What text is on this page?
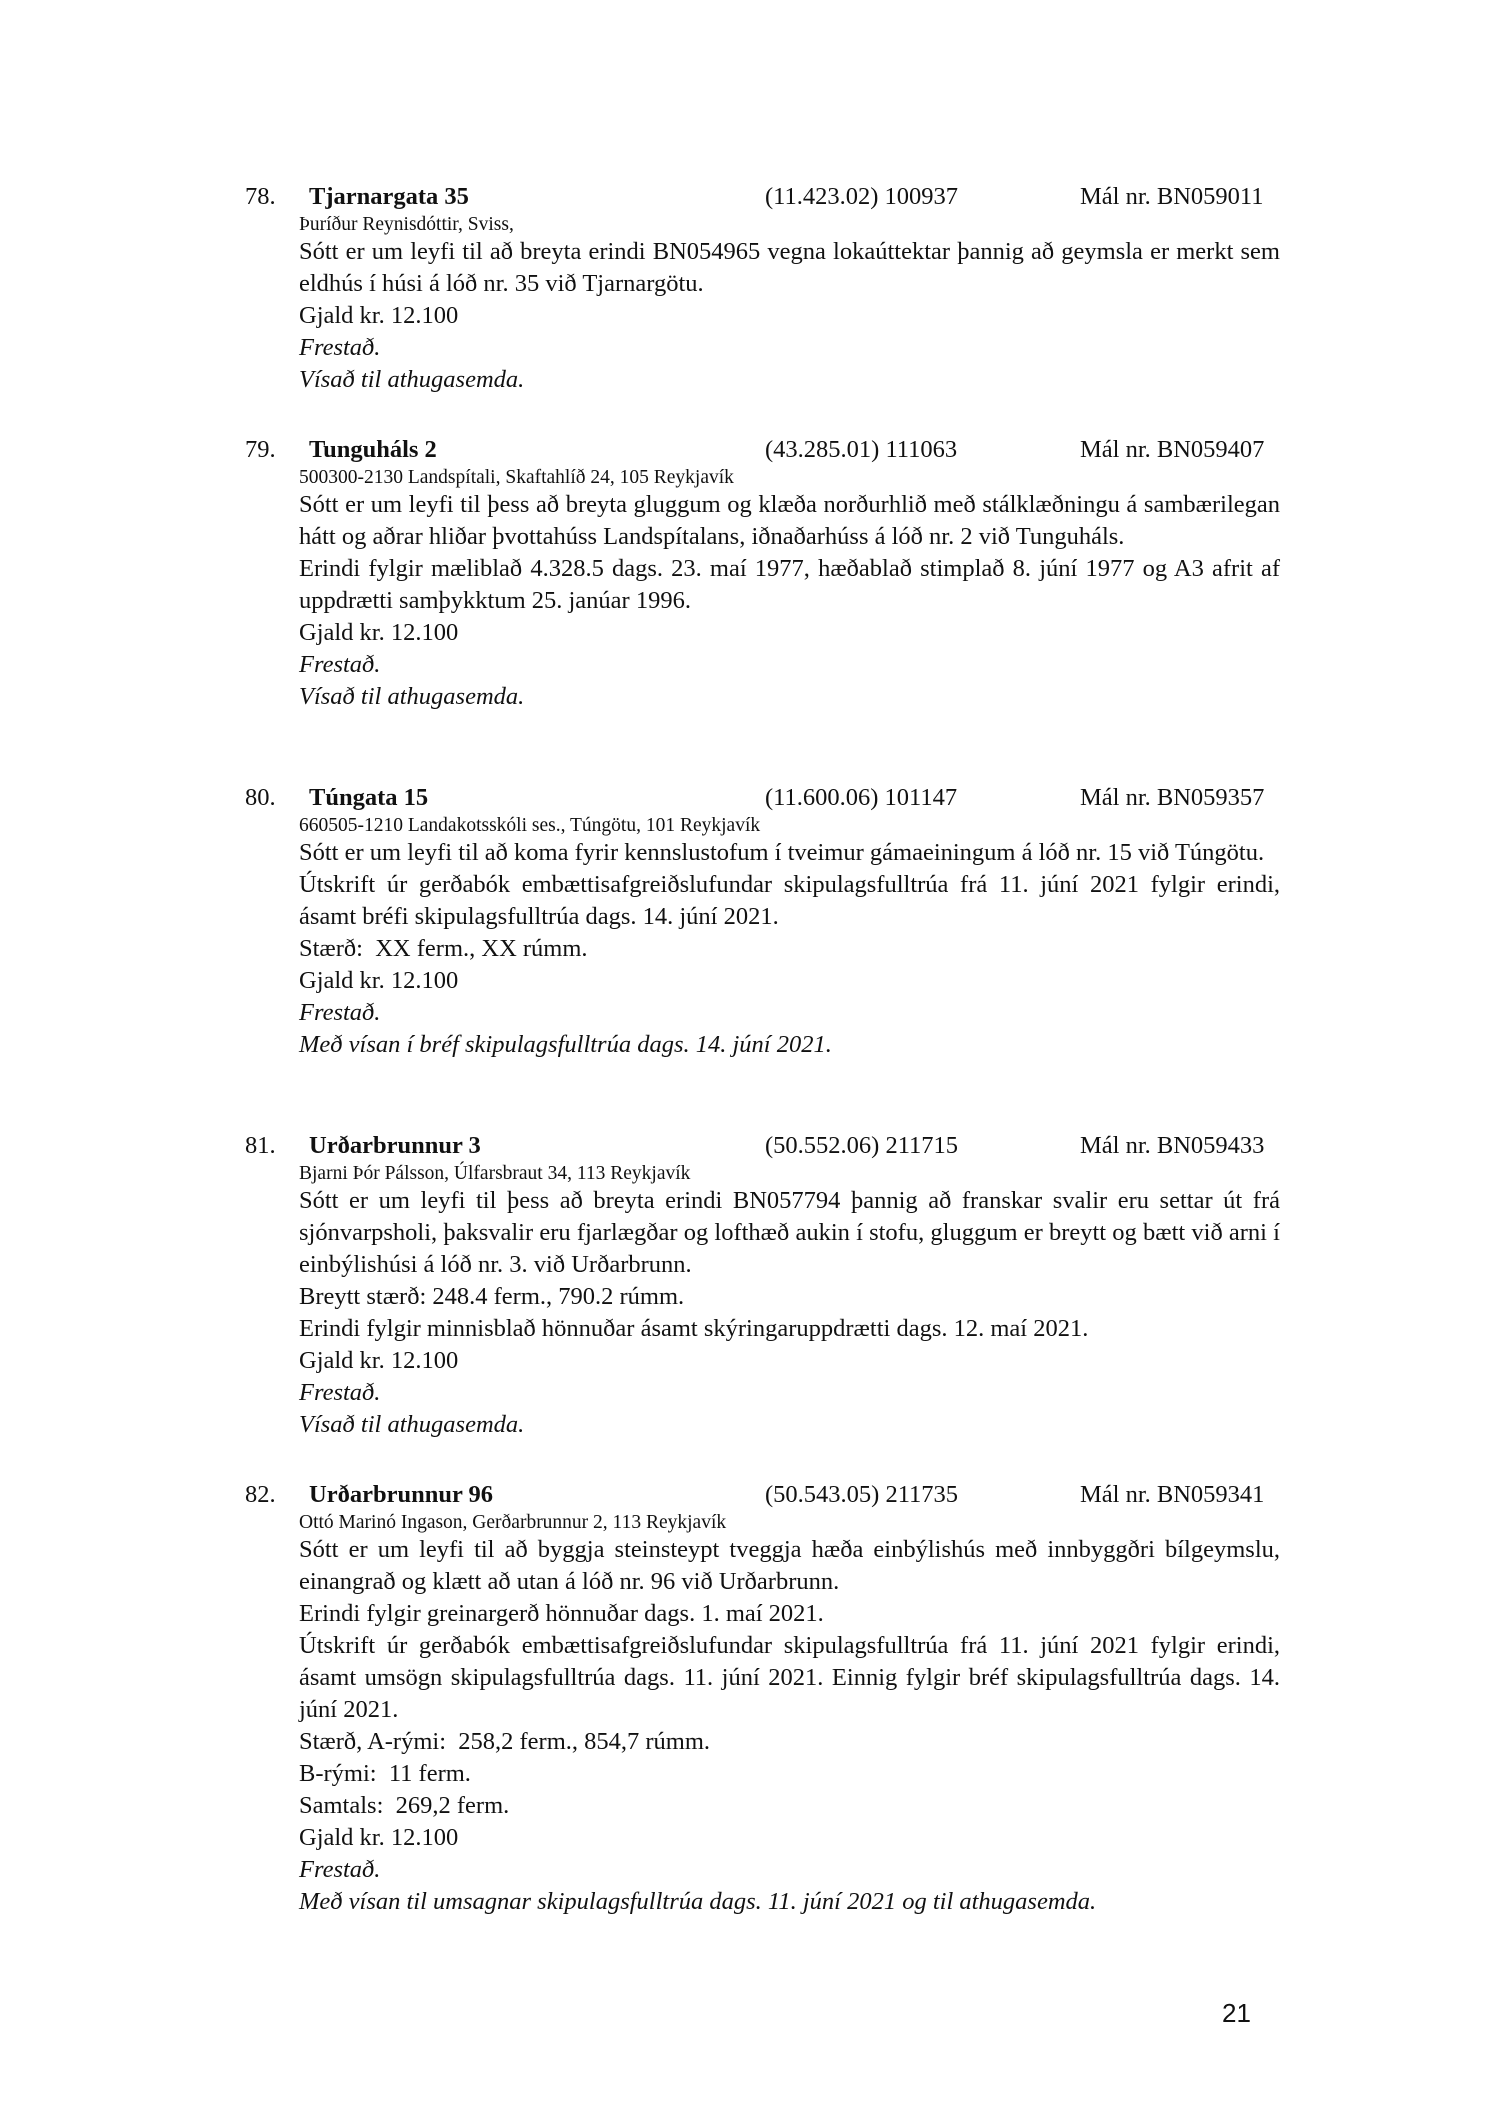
78. Tjarnargata 35	(11.423.02) 100937	Mál nr. BN059011
Þuríður Reynisdóttir, Sviss,
Sótt er um leyfi til að breyta erindi BN054965 vegna lokaúttektar þannig að geymsla er merkt sem eldhús í húsi á lóð nr. 35 við Tjarnargötu.
Gjald kr. 12.100
Frestað.
Vísað til athugasemda.
79. Tunguháls 2	(43.285.01) 111063	Mál nr. BN059407
500300-2130 Landspítali, Skaftahlíð 24, 105 Reykjavík
Sótt er um leyfi til þess að breyta gluggum og klæða norðurhlið með stálklæðningu á sambærilegan hátt og aðrar hliðar þvottahúss Landspítalans, iðnaðarhúss á lóð nr. 2 við Tunguháls.
Erindi fylgir mæliblað 4.328.5 dags. 23. maí 1977, hæðablað stimplað 8. júní 1977 og A3 afrit af uppdrætti samþykktum 25. janúar 1996.
Gjald kr. 12.100
Frestað.
Vísað til athugasemda.
80. Túngata 15	(11.600.06) 101147	Mál nr. BN059357
660505-1210 Landakotsskóli ses., Túngötu, 101 Reykjavík
Sótt er um leyfi til að koma fyrir kennslustofum í tveimur gámaeiningum á lóð nr. 15 við Túngötu.
Útskrift úr gerðabók embættisafgreiðslufundar skipulagsfulltrúa frá 11. júní 2021 fylgir erindi, ásamt bréfi skipulagsfulltrúa dags. 14. júní 2021.
Stærð:  XX ferm., XX rúmm.
Gjald kr. 12.100
Frestað.
Með vísan í bréf skipulagsfulltrúa dags. 14. júní 2021.
81. Urðarbrunnur 3	(50.552.06) 211715	Mál nr. BN059433
Bjarni Þór Pálsson, Úlfarsbraut 34, 113 Reykjavík
Sótt er um leyfi til þess að breyta erindi BN057794 þannig að franskar svalir eru settar út frá sjónvarpsholi, þaksvalir eru fjarlægðar og lofthæð aukin í stofu, gluggum er breytt og bætt við arni í einbýlishúsi á lóð nr. 3. við Urðarbrunn.
Breytt stærð: 248.4 ferm., 790.2 rúmm.
Erindi fylgir minnisblað hönnuðar ásamt skýringaruppdrætti dags. 12. maí 2021.
Gjald kr. 12.100
Frestað.
Vísað til athugasemda.
82. Urðarbrunnur 96	(50.543.05) 211735	Mál nr. BN059341
Ottó Marinó Ingason, Gerðarbrunnur 2, 113 Reykjavík
Sótt er um leyfi til að byggja steinsteypt tveggja hæða einbýlishús með innbyggðri bílgeymslu, einangrað og klætt að utan á lóð nr. 96 við Urðarbrunn.
Erindi fylgir greinargerð hönnuðar dags. 1. maí 2021.
Útskrift úr gerðabók embættisafgreiðslufundar skipulagsfulltrúa frá 11. júní 2021 fylgir erindi, ásamt umsögn skipulagsfulltrúa dags. 11. júní 2021. Einnig fylgir bréf skipulagsfulltrúa dags. 14. júní 2021.
Stærð, A-rými:  258,2 ferm., 854,7 rúmm.
B-rými:  11 ferm.
Samtals:  269,2 ferm.
Gjald kr. 12.100
Frestað.
Með vísan til umsagnar skipulagsfulltrúa dags. 11. júní 2021 og til athugasemda.
21
